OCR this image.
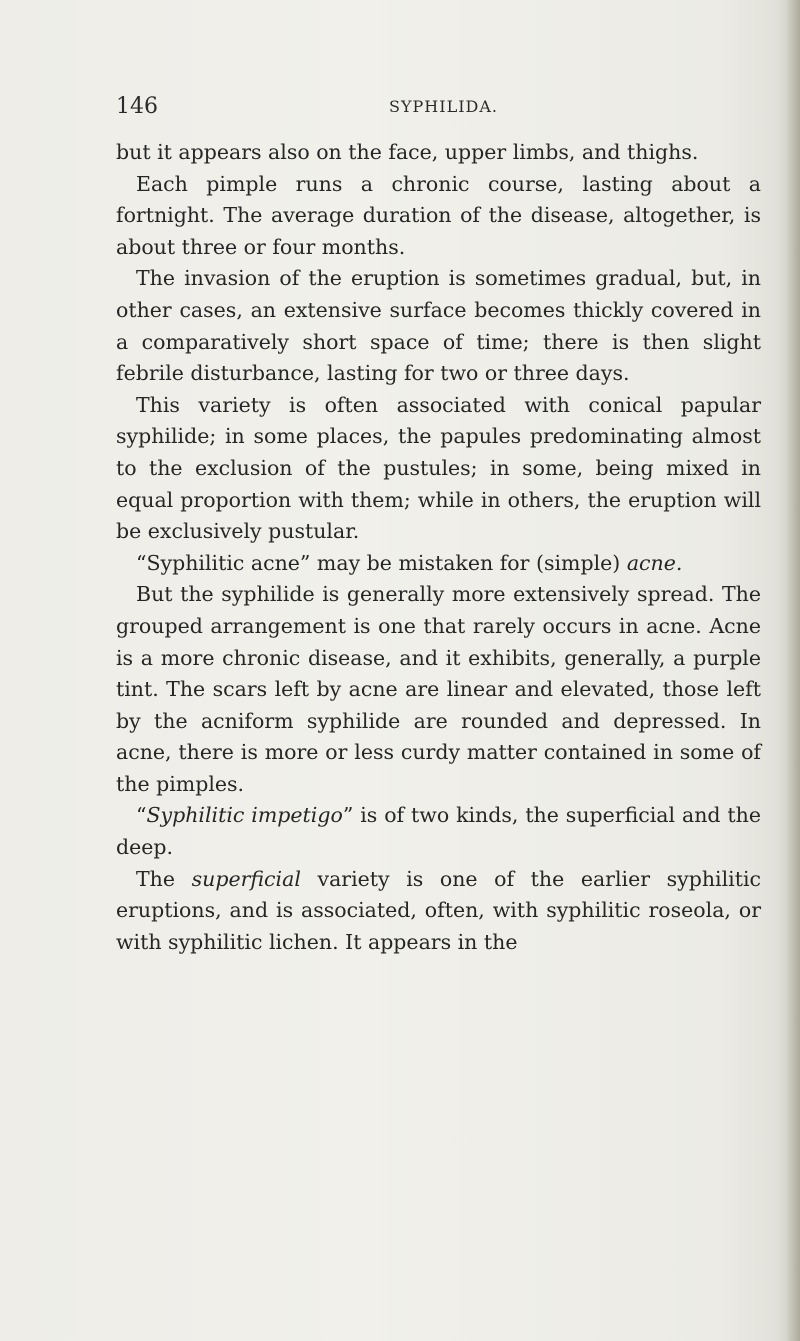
146	SYPHILIDA.

but it appears also on the face, upper limbs, and thighs.

Each pimple runs a chronic course, lasting about a fortnight. The average duration of the disease, altogether, is about three or four months.

The invasion of the eruption is sometimes gradual, but, in other cases, an extensive surface becomes thickly covered in a comparatively short space of time; there is then slight febrile disturbance, lasting for two or three days.

This variety is often associated with conical papular syphilide; in some places, the papules predominating almost to the exclusion of the pustules; in some, being mixed in equal proportion with them; while in others, the eruption will be exclusively pustular.

“Syphilitic acne” may be mistaken for (simple) acne.

But the syphilide is generally more extensively spread. The grouped arrangement is one that rarely occurs in acne. Acne is a more chronic disease, and it exhibits, generally, a purple tint. The scars left by acne are linear and elevated, those left by the acniform syphilide are rounded and depressed. In acne, there is more or less curdy matter contained in some of the pimples.

“Syphilitic impetigo” is of two kinds, the superficial and the deep.

The superficial variety is one of the earlier syphilitic eruptions, and is associated, often, with syphilitic roseola, or with syphilitic lichen. It appears in the
